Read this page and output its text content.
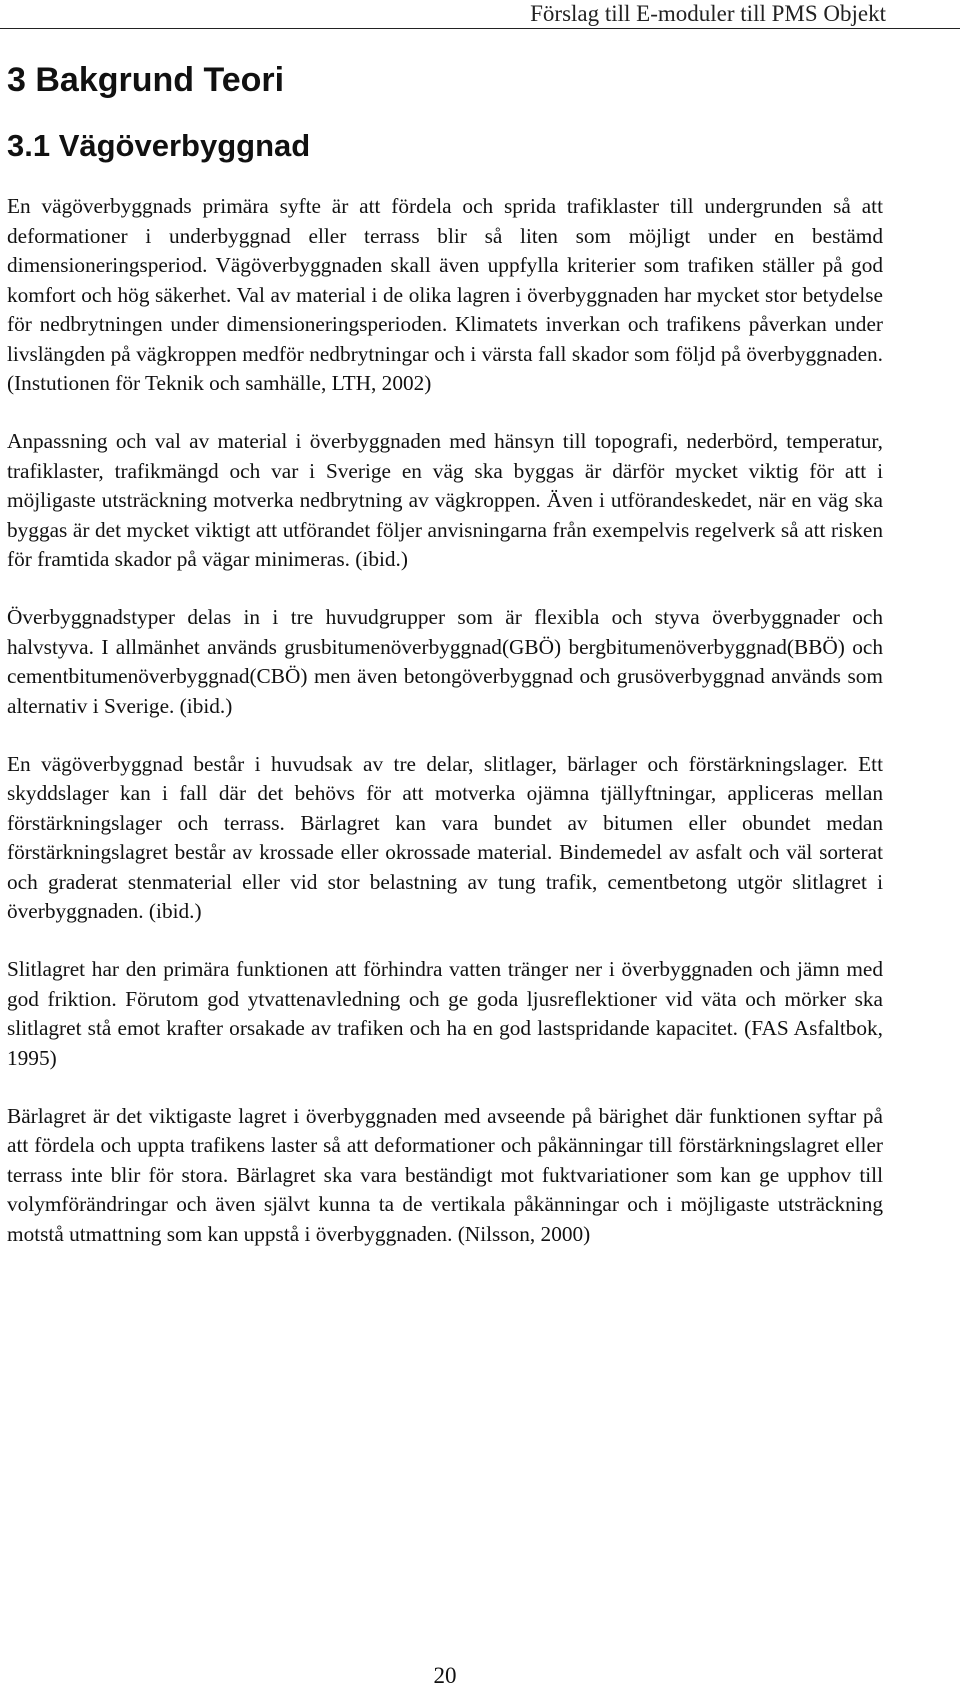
Förslag till E-moduler till PMS Objekt
3 Bakgrund Teori
3.1 Vägöverbyggnad

En vägöverbyggnads primära syfte är att fördela och sprida trafiklaster till undergrunden så att deformationer i underbyggnad eller terrass blir så liten som möjligt under en bestämd dimensioneringsperiod. Vägöverbyggnaden skall även uppfylla kriterier som trafiken ställer på god komfort och hög säkerhet. Val av material i de olika lagren i överbyggnaden har mycket stor betydelse för nedbrytningen under dimensioneringsperioden. Klimatets inverkan och trafikens påverkan under livslängden på vägkroppen medför nedbrytningar och i värsta fall skador som följd på överbyggnaden. (Instutionen för Teknik och samhälle, LTH, 2002)

Anpassning och val av material i överbyggnaden med hänsyn till topografi, nederbörd, temperatur, trafiklaster, trafikmängd och var i Sverige en väg ska byggas är därför mycket viktig för att i möjligaste utsträckning motverka nedbrytning av vägkroppen. Även i utförandeskedet, när en väg ska byggas är det mycket viktigt att utförandet följer anvisningarna från exempelvis regelverk så att risken för framtida skador på vägar minimeras. (ibid.)

Överbyggnadstyper delas in i tre huvudgrupper som är flexibla och styva överbyggnader och halvstyva. I allmänhet används grusbitumenöverbyggnad(GBÖ) bergbitumenöverbyggnad(BBÖ) och cementbitumenöverbyggnad(CBÖ) men även betongöverbyggnad och grusöverbyggnad används som alternativ i Sverige. (ibid.)

En vägöverbyggnad består i huvudsak av tre delar, slitlager, bärlager och förstärkningslager. Ett skyddslager kan i fall där det behövs för att motverka ojämna tjällyftningar, appliceras mellan förstärkningslager och terrass. Bärlagret kan vara bundet av bitumen eller obundet medan förstärkningslagret består av krossade eller okrossade material. Bindemedel av asfalt och väl sorterat och graderat stenmaterial eller vid stor belastning av tung trafik, cementbetong utgör slitlagret i överbyggnaden. (ibid.)

Slitlagret har den primära funktionen att förhindra vatten tränger ner i överbyggnaden och jämn med god friktion. Förutom god ytvattenavledning och ge goda ljusreflektioner vid väta och mörker ska slitlagret stå emot krafter orsakade av trafiken och ha en god lastspridande kapacitet. (FAS Asfaltbok, 1995)

Bärlagret är det viktigaste lagret i överbyggnaden med avseende på bärighet där funktionen syftar på att fördela och uppta trafikens laster så att deformationer och påkänningar till förstärkningslagret eller terrass inte blir för stora. Bärlagret ska vara beständigt mot fuktvariationer som kan ge upphov till volymförändringar och även självt kunna ta de vertikala påkänningar och i möjligaste utsträckning motstå utmattning som kan uppstå i överbyggnaden. (Nilsson, 2000)

20
